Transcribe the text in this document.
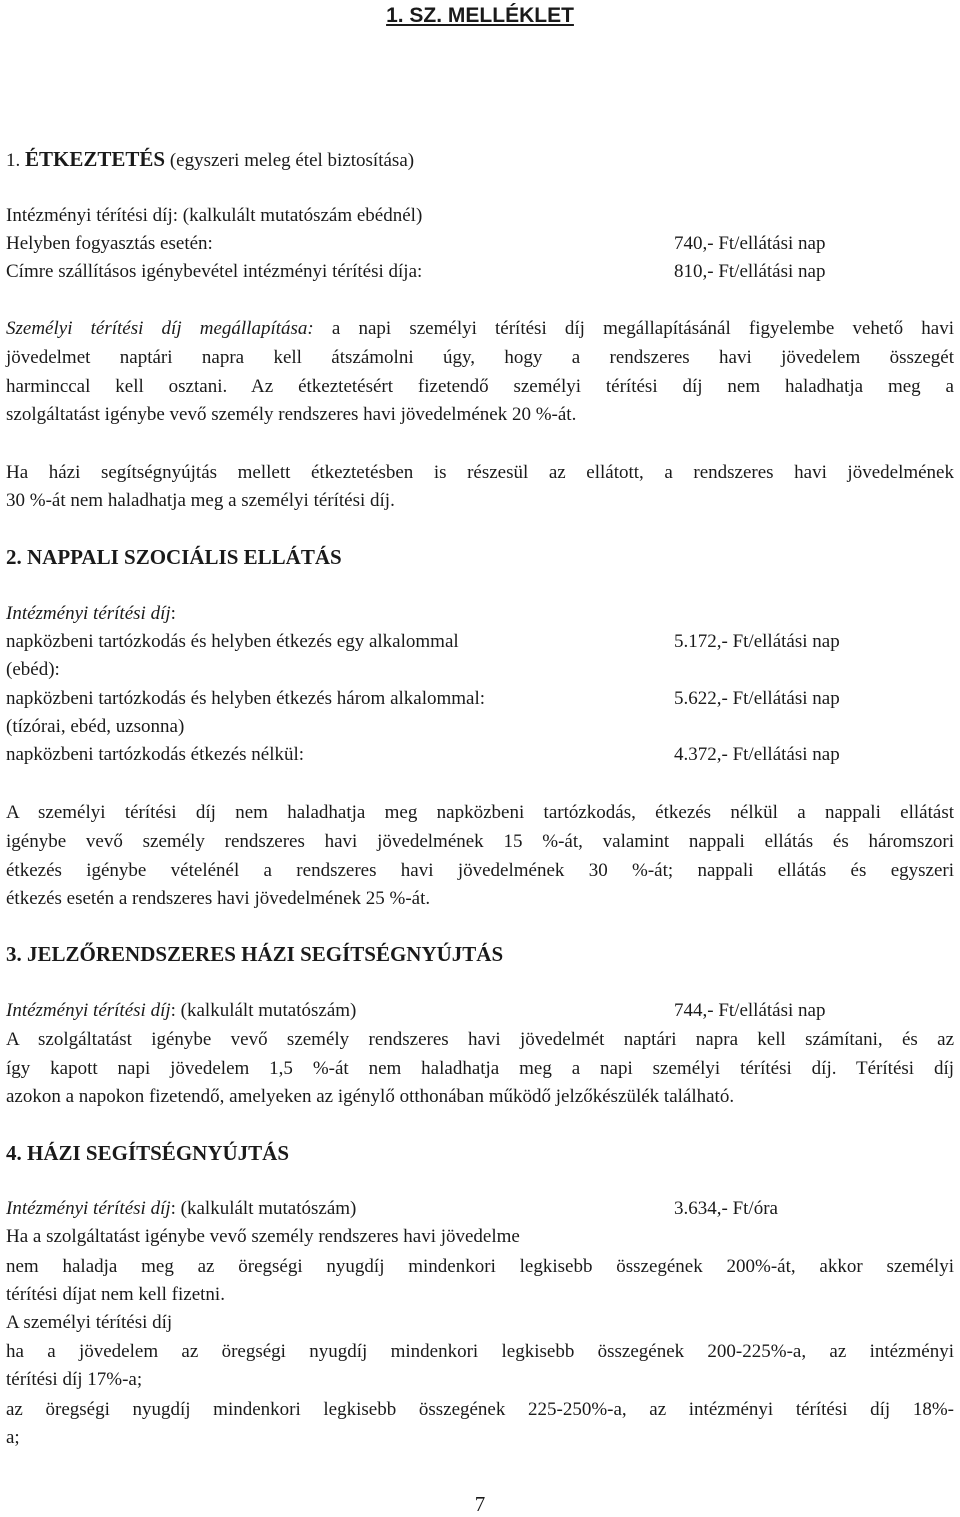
1. SZ. MELLÉKLET
1. ÉTKEZTETÉS (egyszeri meleg étel biztosítása)
Intézményi térítési díj: (kalkulált mutatószám ebédnél)
Helyben fogyasztás esetén:	740,- Ft/ellátási nap
Címre szállításos igénybevétel intézményi térítési díja:	810,- Ft/ellátási nap
Személyi térítési díj megállapítása: a napi személyi térítési díj megállapításánál figyelembe vehető havi
jövedelmet naptári napra kell átszámolni úgy, hogy a rendszeres havi jövedelem összegét
harminccal kell osztani. Az étkeztetésért fizetendő személyi térítési díj nem haladhatja meg a
szolgáltatást igénybe vevő személy rendszeres havi jövedelmének 20 %-át.
Ha házi segítségnyújtás mellett étkeztetésben is részesül az ellátott, a rendszeres havi jövedelmének
30 %-át nem haladhatja meg a személyi térítési díj.
2. NAPPALI SZOCIÁLIS ELLÁTÁS
Intézményi térítési díj:
napközbeni tartózkodás és helyben étkezés egy alkalommal	5.172,- Ft/ellátási nap
(ebéd):
napközbeni tartózkodás és helyben étkezés három alkalommal:	5.622,- Ft/ellátási nap
(tízórai, ebéd, uzsonna)
napközbeni tartózkodás étkezés nélkül:	4.372,- Ft/ellátási nap
A személyi térítési díj nem haladhatja meg napközbeni tartózkodás, étkezés nélkül a nappali ellátást
igénybe vevő személy rendszeres havi jövedelmének 15 %-át, valamint nappali ellátás és háromszori
étkezés igénybe vételénél a rendszeres havi jövedelmének 30 %-át; nappali ellátás és egyszeri
étkezés esetén a rendszeres havi jövedelmének 25 %-át.
3. JELZŐRENDSZERES HÁZI SEGÍTSÉGNYÚJTÁS
Intézményi térítési díj: (kalkulált mutatószám)	744,- Ft/ellátási nap
A szolgáltatást igénybe vevő személy rendszeres havi jövedelmét naptári napra kell számítani, és az
így kapott napi jövedelem 1,5 %-át nem haladhatja meg a napi személyi térítési díj. Térítési díj
azokon a napokon fizetendő, amelyeken az igénylő otthonában működő jelzőkészülék található.
4. HÁZI SEGÍTSÉGNYÚJTÁS
Intézményi térítési díj: (kalkulált mutatószám)	3.634,- Ft/óra
Ha a szolgáltatást igénybe vevő személy rendszeres havi jövedelme
nem haladja meg az öregségi nyugdíj mindenkori legkisebb összegének 200%-át, akkor személyi
térítési díjat nem kell fizetni.
A személyi térítési díj
ha a jövedelem az öregségi nyugdíj mindenkori legkisebb összegének 200-225%-a, az intézményi
térítési díj 17%-a;
az öregségi nyugdíj mindenkori legkisebb összegének 225-250%-a, az intézményi térítési díj 18%-
a;
7
